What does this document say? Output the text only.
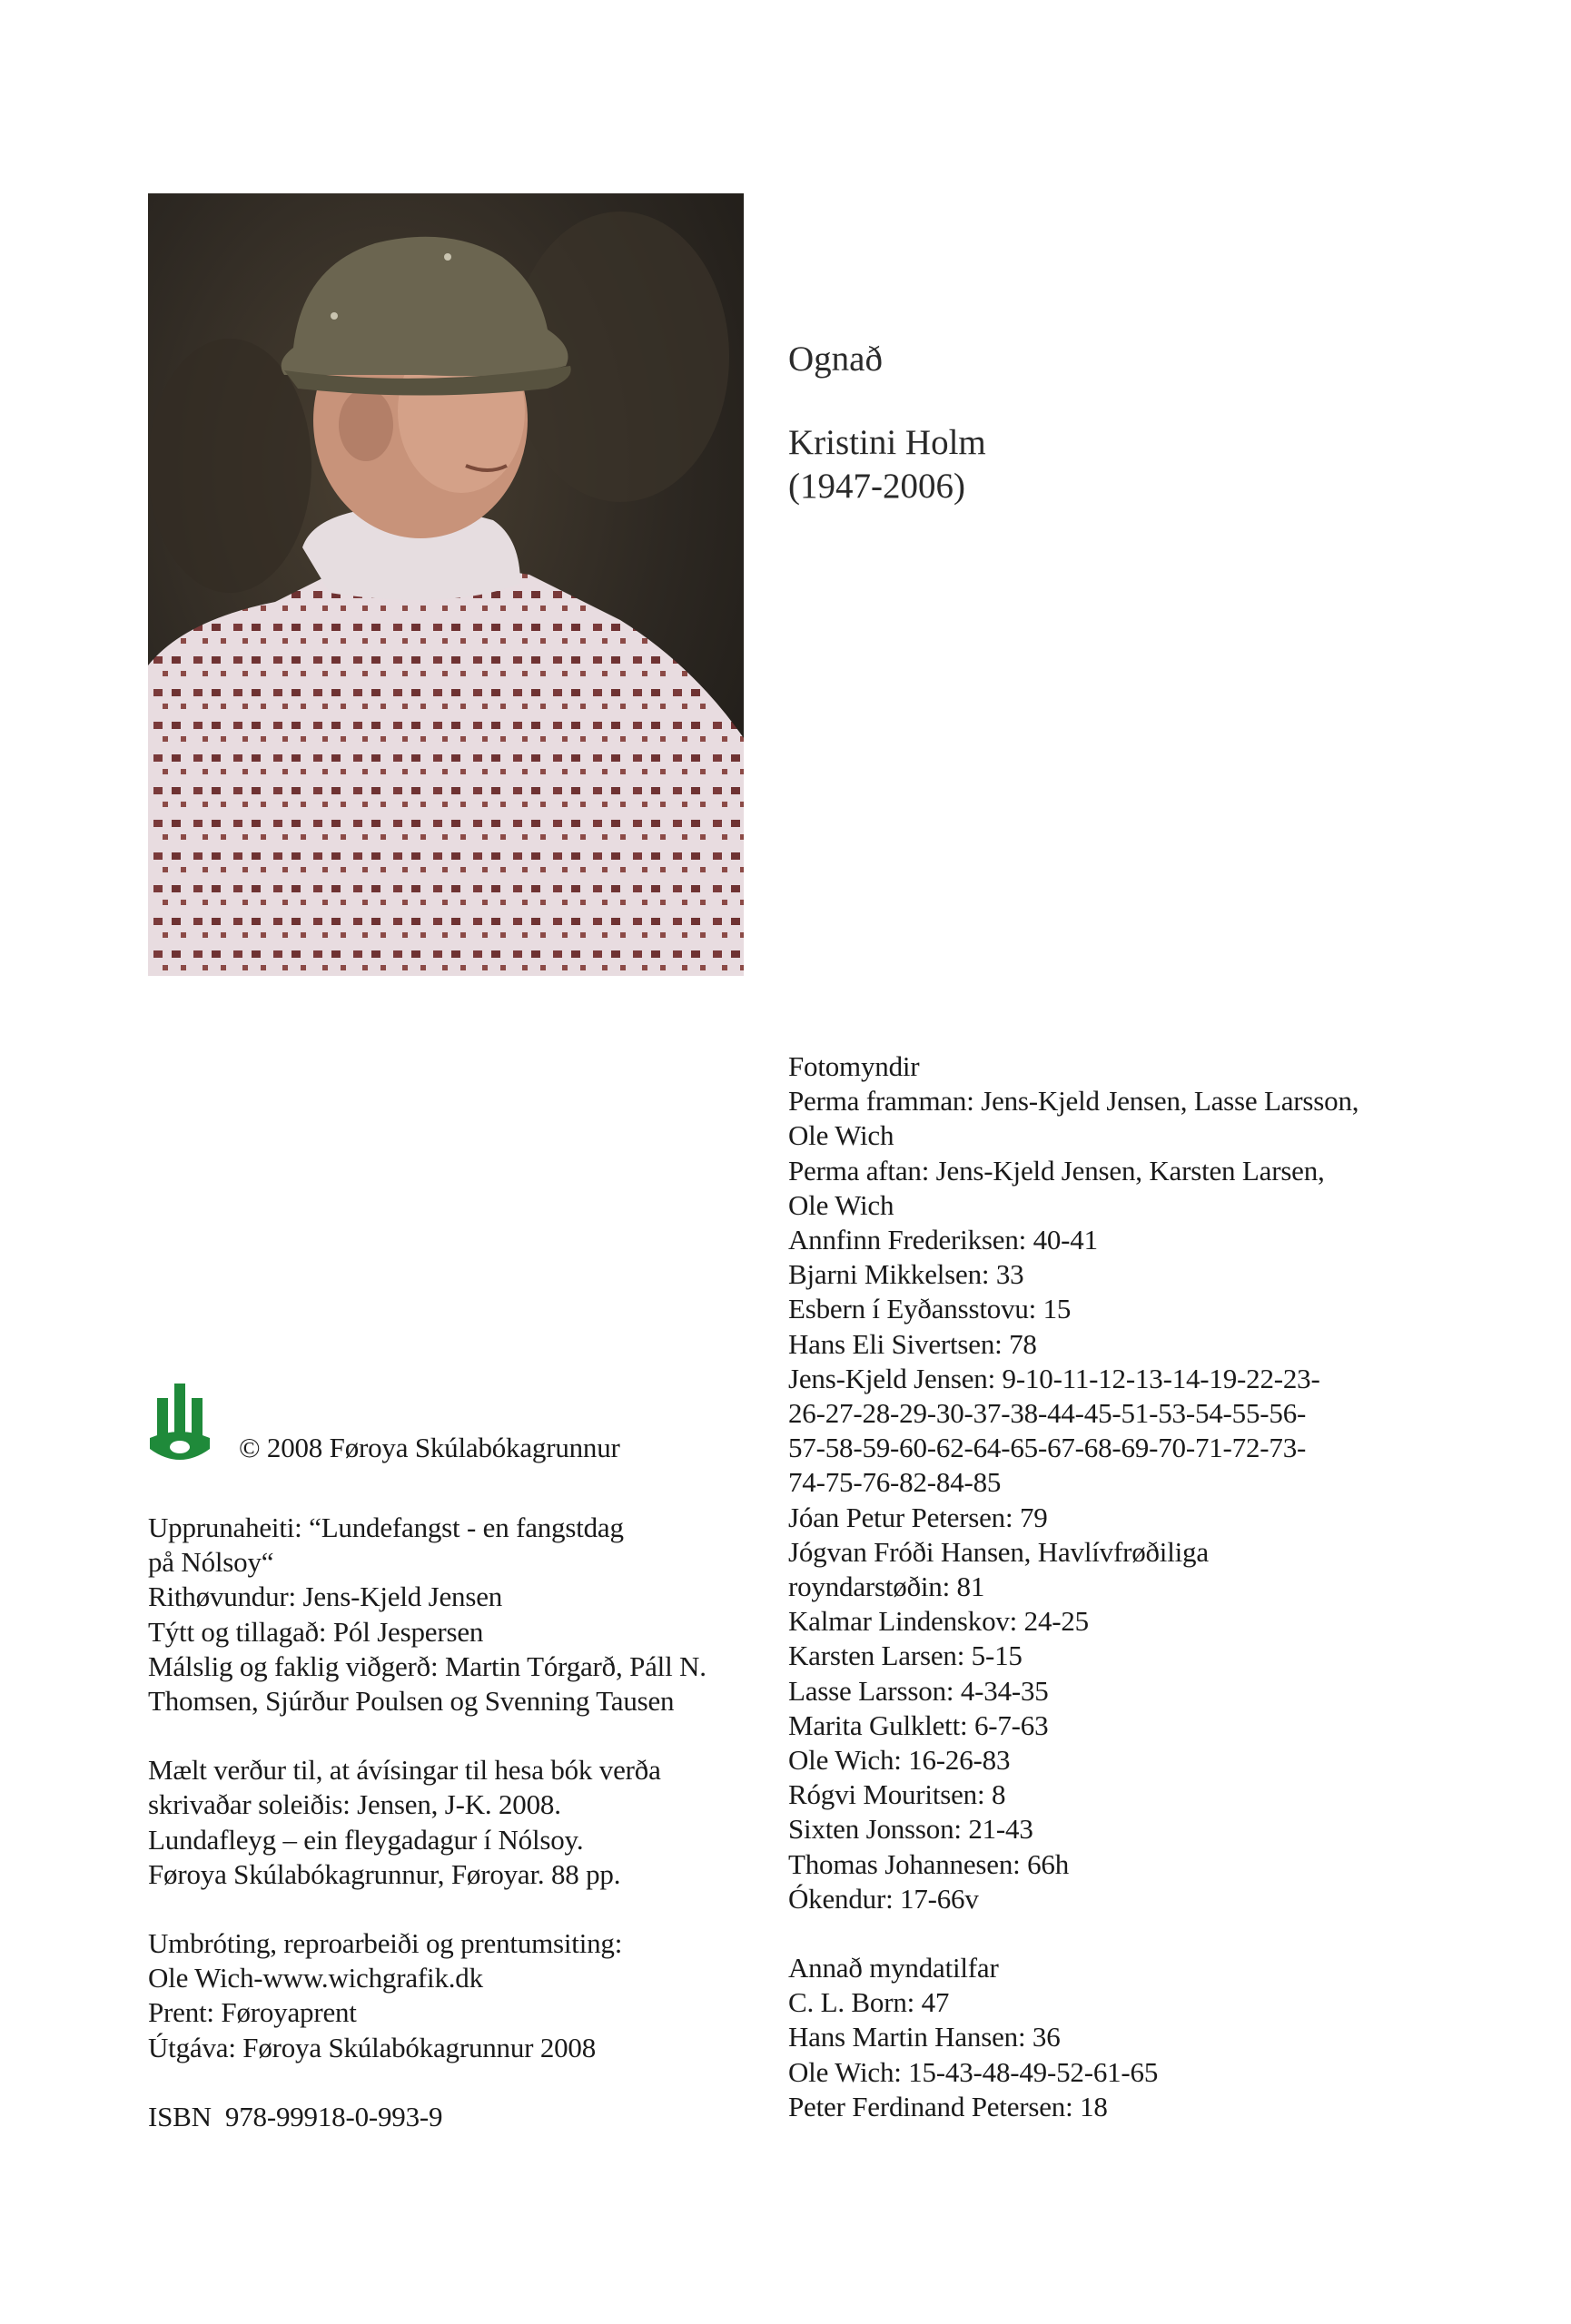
Ognað
Kristini Holm
(1947-2006)
© 2008 Føroya Skúlabókagrunnur
Upprunaheiti: “Lundefangst - en fangstdag
på Nólsoy“
Rithøvundur: Jens-Kjeld Jensen
Týtt og tillagað: Pól Jespersen
Málslig og faklig viðgerð: Martin Tórgarð, Páll N.
Thomsen, Sjúrður Poulsen og Svenning Tausen
Mælt verður til, at ávísingar til hesa bók verða
skrivaðar soleiðis: Jensen, J-K. 2008.
Lundafleyg – ein fleygadagur í Nólsoy.
Føroya Skúlabókagrunnur, Føroyar. 88 pp.
Umbróting, reproarbeiði og prentumsiting:
Ole Wich-www.wichgrafik.dk
Prent: Føroyaprent
Útgáva: Føroya Skúlabókagrunnur 2008
ISBN  978-99918-0-993-9
Fotomyndir
Perma framman: Jens-Kjeld Jensen, Lasse Larsson,
Ole Wich
Perma aftan: Jens-Kjeld Jensen, Karsten Larsen,
Ole Wich
Annfinn Frederiksen: 40-41
Bjarni Mikkelsen: 33
Esbern í Eyðansstovu: 15
Hans Eli Sivertsen: 78
Jens-Kjeld Jensen: 9-10-11-12-13-14-19-22-23-
26-27-28-29-30-37-38-44-45-51-53-54-55-56-
57-58-59-60-62-64-65-67-68-69-70-71-72-73-
74-75-76-82-84-85
Jóan Petur Petersen: 79
Jógvan Fróði Hansen, Havlívfrøðiliga
royndarstøðin: 81
Kalmar Lindenskov: 24-25
Karsten Larsen: 5-15
Lasse Larsson: 4-34-35
Marita Gulklett: 6-7-63
Ole Wich: 16-26-83
Rógvi Mouritsen: 8
Sixten Jonsson: 21-43
Thomas Johannesen: 66h
Ókendur: 17-66v
Annað myndatilfar
C. L. Born: 47
Hans Martin Hansen: 36
Ole Wich: 15-43-48-49-52-61-65
Peter Ferdinand Petersen: 18
